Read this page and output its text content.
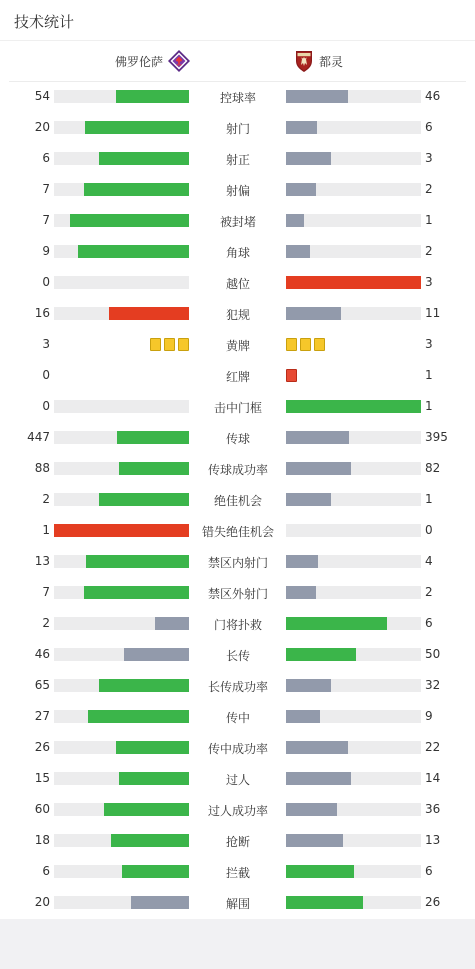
技术统计
佛罗伦萨	都灵
54	控球率	46
20	射门	6
6	射正	3
7	射偏	2
7	被封堵	1
9	角球	2
0	越位	3
16	犯规	11
3	黄牌	3
0	红牌	1
0	击中门框	1
447	传球	395
88	传球成功率	82
2	绝佳机会	1
1	错失绝佳机会	0
13	禁区内射门	4
7	禁区外射门	2
2	门将扑救	6
46	长传	50
65	长传成功率	32
27	传中	9
26	传中成功率	22
15	过人	14
60	过人成功率	36
18	抢断	13
6	拦截	6
20	解围	26
